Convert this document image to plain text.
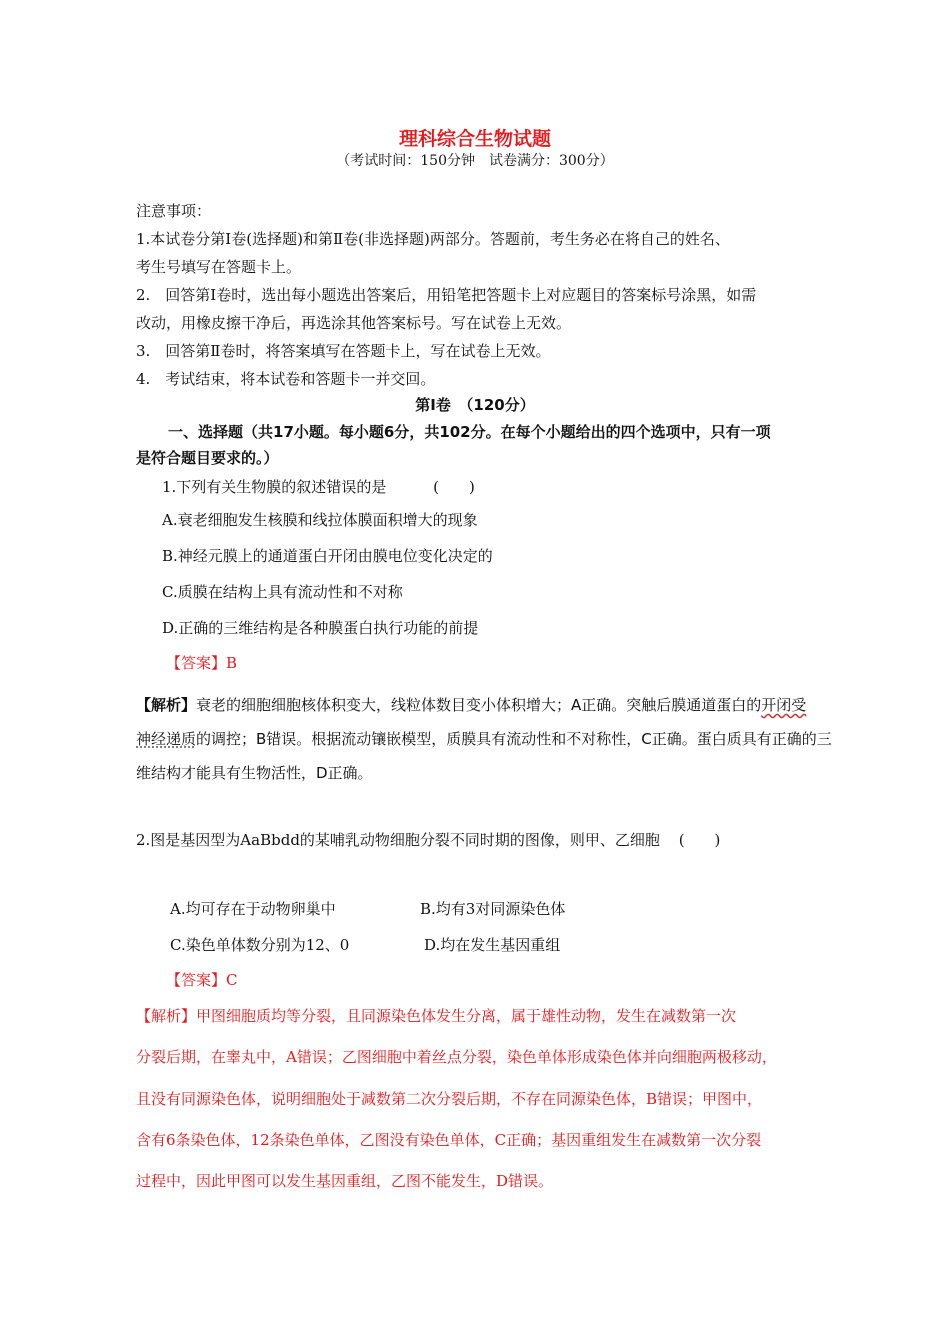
理科综合生物试题
（考试时间：150分钟　试卷满分：300分）
注意事项：
1.本试卷分第Ⅰ卷(选择题)和第Ⅱ卷(非选择题)两部分。答题前，考生务必在将自己的姓名、
考生号填写在答题卡上。
2.　回答第Ⅰ卷时，选出每小题选出答案后，用铅笔把答题卡上对应题目的答案标号涂黑，如需
改动，用橡皮擦干净后，再选涂其他答案标号。写在试卷上无效。
3.　回答第Ⅱ卷时，将答案填写在答题卡上，写在试卷上无效。
4.　考试结束，将本试卷和答题卡一并交回。
第Ⅰ卷　（120分）
一、选择题（共17小题。每小题6分，共102分。在每个小题给出的四个选项中，只有一项
是符合题目要求的。）
1.下列有关生物膜的叙述错误的是	(　　)
A.衰老细胞发生核膜和线拉体膜面积增大的现象
B.神经元膜上的通道蛋白开闭由膜电位变化决定的
C.质膜在结构上具有流动性和不对称
D.正确的三维结构是各种膜蛋白执行功能的前提
【答案】B
【解析】衰老的细胞细胞核体积变大，线粒体数目变小体积增大；A正确。突触后膜通道蛋白的开闭受
神经递质的调控；B错误。根据流动镶嵌模型，质膜具有流动性和不对称性，C正确。蛋白质具有正确的三
维结构才能具有生物活性，D正确。
2.图是基因型为AaBbdd的某哺乳动物细胞分裂不同时期的图像，则甲、乙细胞 (　　)
A.均可存在于动物卵巢中	B.均有3对同源染色体
C.染色单体数分别为12、0	D.均在发生基因重组
【答案】C
【解析】甲图细胞质均等分裂，且同源染色体发生分离，属于雄性动物，发生在减数第一次
分裂后期，在睾丸中，A错误；乙图细胞中着丝点分裂，染色单体形成染色体并向细胞两极移动，
且没有同源染色体，说明细胞处于减数第二次分裂后期，不存在同源染色体，B错误；甲图中，
含有6条染色体，12条染色单体，乙图没有染色单体，C正确；基因重组发生在减数第一次分裂
过程中，因此甲图可以发生基因重组，乙图不能发生，D错误。
